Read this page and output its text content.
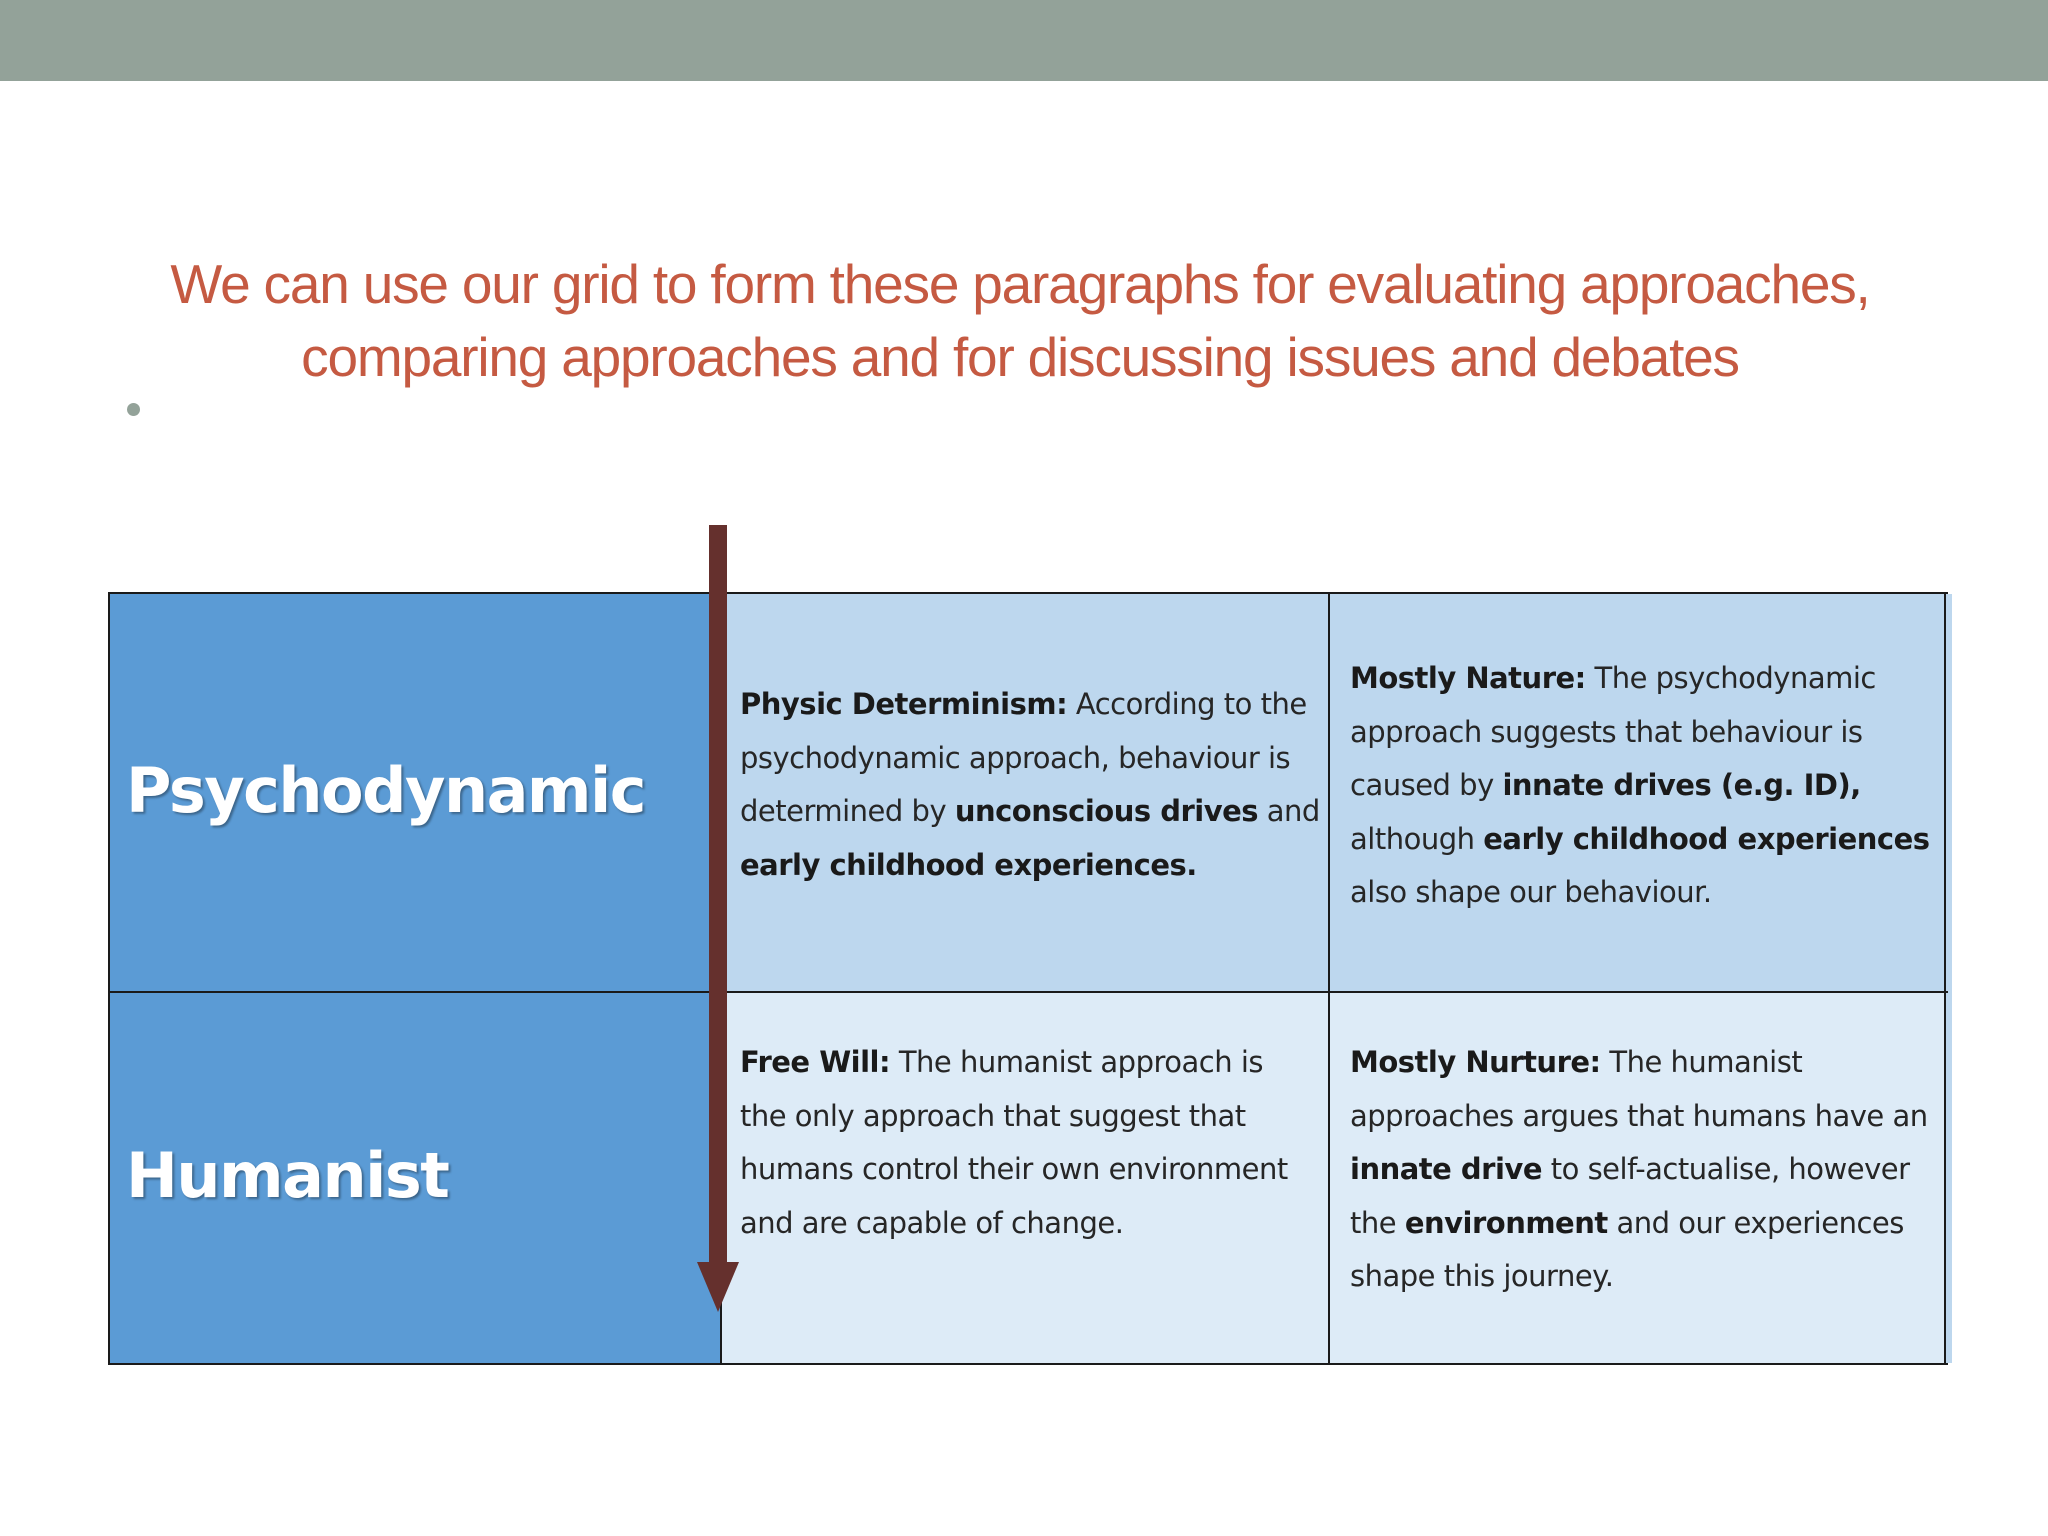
We can use our grid to form these paragraphs for evaluating approaches,
comparing approaches and for discussing issues and debates
Psychodynamic
Physic Determinism: According to the psychodynamic approach, behaviour is determined by unconscious drives and early childhood experiences.
Mostly Nature: The psychodynamic approach suggests that behaviour is caused by innate drives (e.g. ID), although early childhood experiences also shape our behaviour.
Humanist
Free Will: The humanist approach is the only approach that suggest that humans control their own environment and are capable of change.
Mostly Nurture: The humanist approaches argues that humans have an innate drive to self-actualise, however the environment and our experiences shape this journey.
